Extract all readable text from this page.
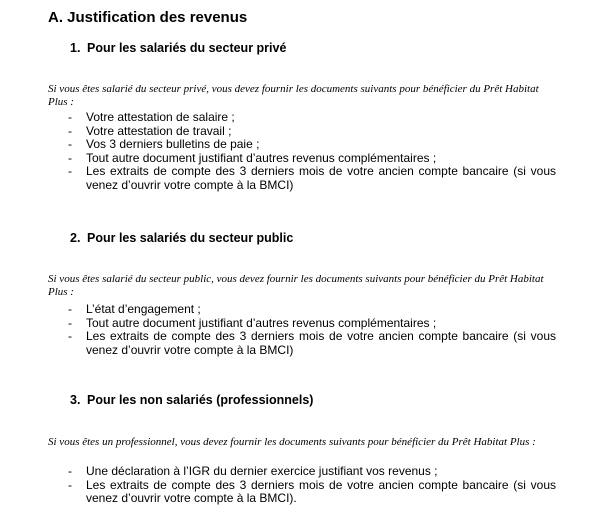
A. Justification des revenus
1. Pour les salariés du secteur privé

Si vous êtes salarié du secteur privé, vous devez fournir les documents suivants pour bénéficier du Prêt Habitat Plus :

- Votre attestation de salaire ;
- Votre attestation de travail ;
- Vos 3 derniers bulletins de paie ;
- Tout autre document justifiant d’autres revenus complémentaires ;
- Les extraits de compte des 3 derniers mois de votre ancien compte bancaire (si vous venez d’ouvrir votre compte à la BMCI)
2. Pour les salariés du secteur public

Si vous êtes salarié du secteur public, vous devez fournir les documents suivants pour bénéficier du Prêt Habitat Plus :

- L’état d’engagement ;
- Tout autre document justifiant d’autres revenus complémentaires ;
- Les extraits de compte des 3 derniers mois de votre ancien compte bancaire (si vous venez d’ouvrir votre compte à la BMCI)
3. Pour les non salariés (professionnels)

Si vous êtes un professionnel, vous devez fournir les documents suivants pour bénéficier du Prêt Habitat Plus :

- Une déclaration à l’IGR du dernier exercice justifiant vos revenus ;
- Les extraits de compte des 3 derniers mois de votre ancien compte bancaire (si vous venez d’ouvrir votre compte à la BMCI).
